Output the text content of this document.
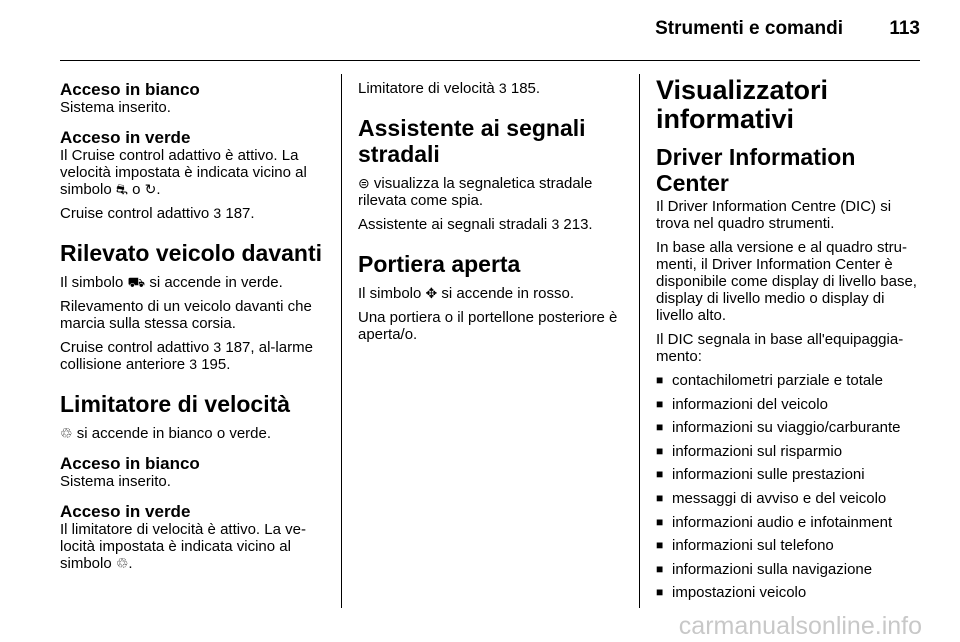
Strumenti e comandi	113
Acceso in bianco

Sistema inserito.

Acceso in verde

Il Cruise control adattivo è attivo. La velocità impostata è indicata vicino al simbolo ⛐ o ↻.

Cruise control adattivo 3 187.

Rilevato veicolo davanti

Il simbolo ⛟ si accende in verde.

Rilevamento di un veicolo davanti che marcia sulla stessa corsia.

Cruise control adattivo 3 187, al-larme collisione anteriore 3 195.

Limitatore di velocità

♲ si accende in bianco o verde.

Acceso in bianco

Sistema inserito.

Acceso in verde

Il limitatore di velocità è attivo. La ve-locità impostata è indicata vicino al simbolo ♲.

Limitatore di velocità 3 185.

Assistente ai segnali stradali

⊜ visualizza la segnaletica stradale rilevata come spia.

Assistente ai segnali stradali 3 213.

Portiera aperta

Il simbolo ✥ si accende in rosso.

Una portiera o il portellone posteriore è aperta/o.

Visualizzatori informativi
Driver Information Center

Il Driver Information Centre (DIC) si trova nel quadro strumenti.

In base alla versione e al quadro stru-menti, il Driver Information Center è disponibile come display di livello base, display di livello medio o display di livello alto.

Il DIC segnala in base all'equipaggia-mento:

■ contachilometri parziale e totale
■ informazioni del veicolo
■ informazioni su viaggio/carburante
■ informazioni sul risparmio
■ informazioni sulle prestazioni
■ messaggi di avviso e del veicolo
■ informazioni audio e infotainment
■ informazioni sul telefono
■ informazioni sulla navigazione
■ impostazioni veicolo
carmanualsonline.info
